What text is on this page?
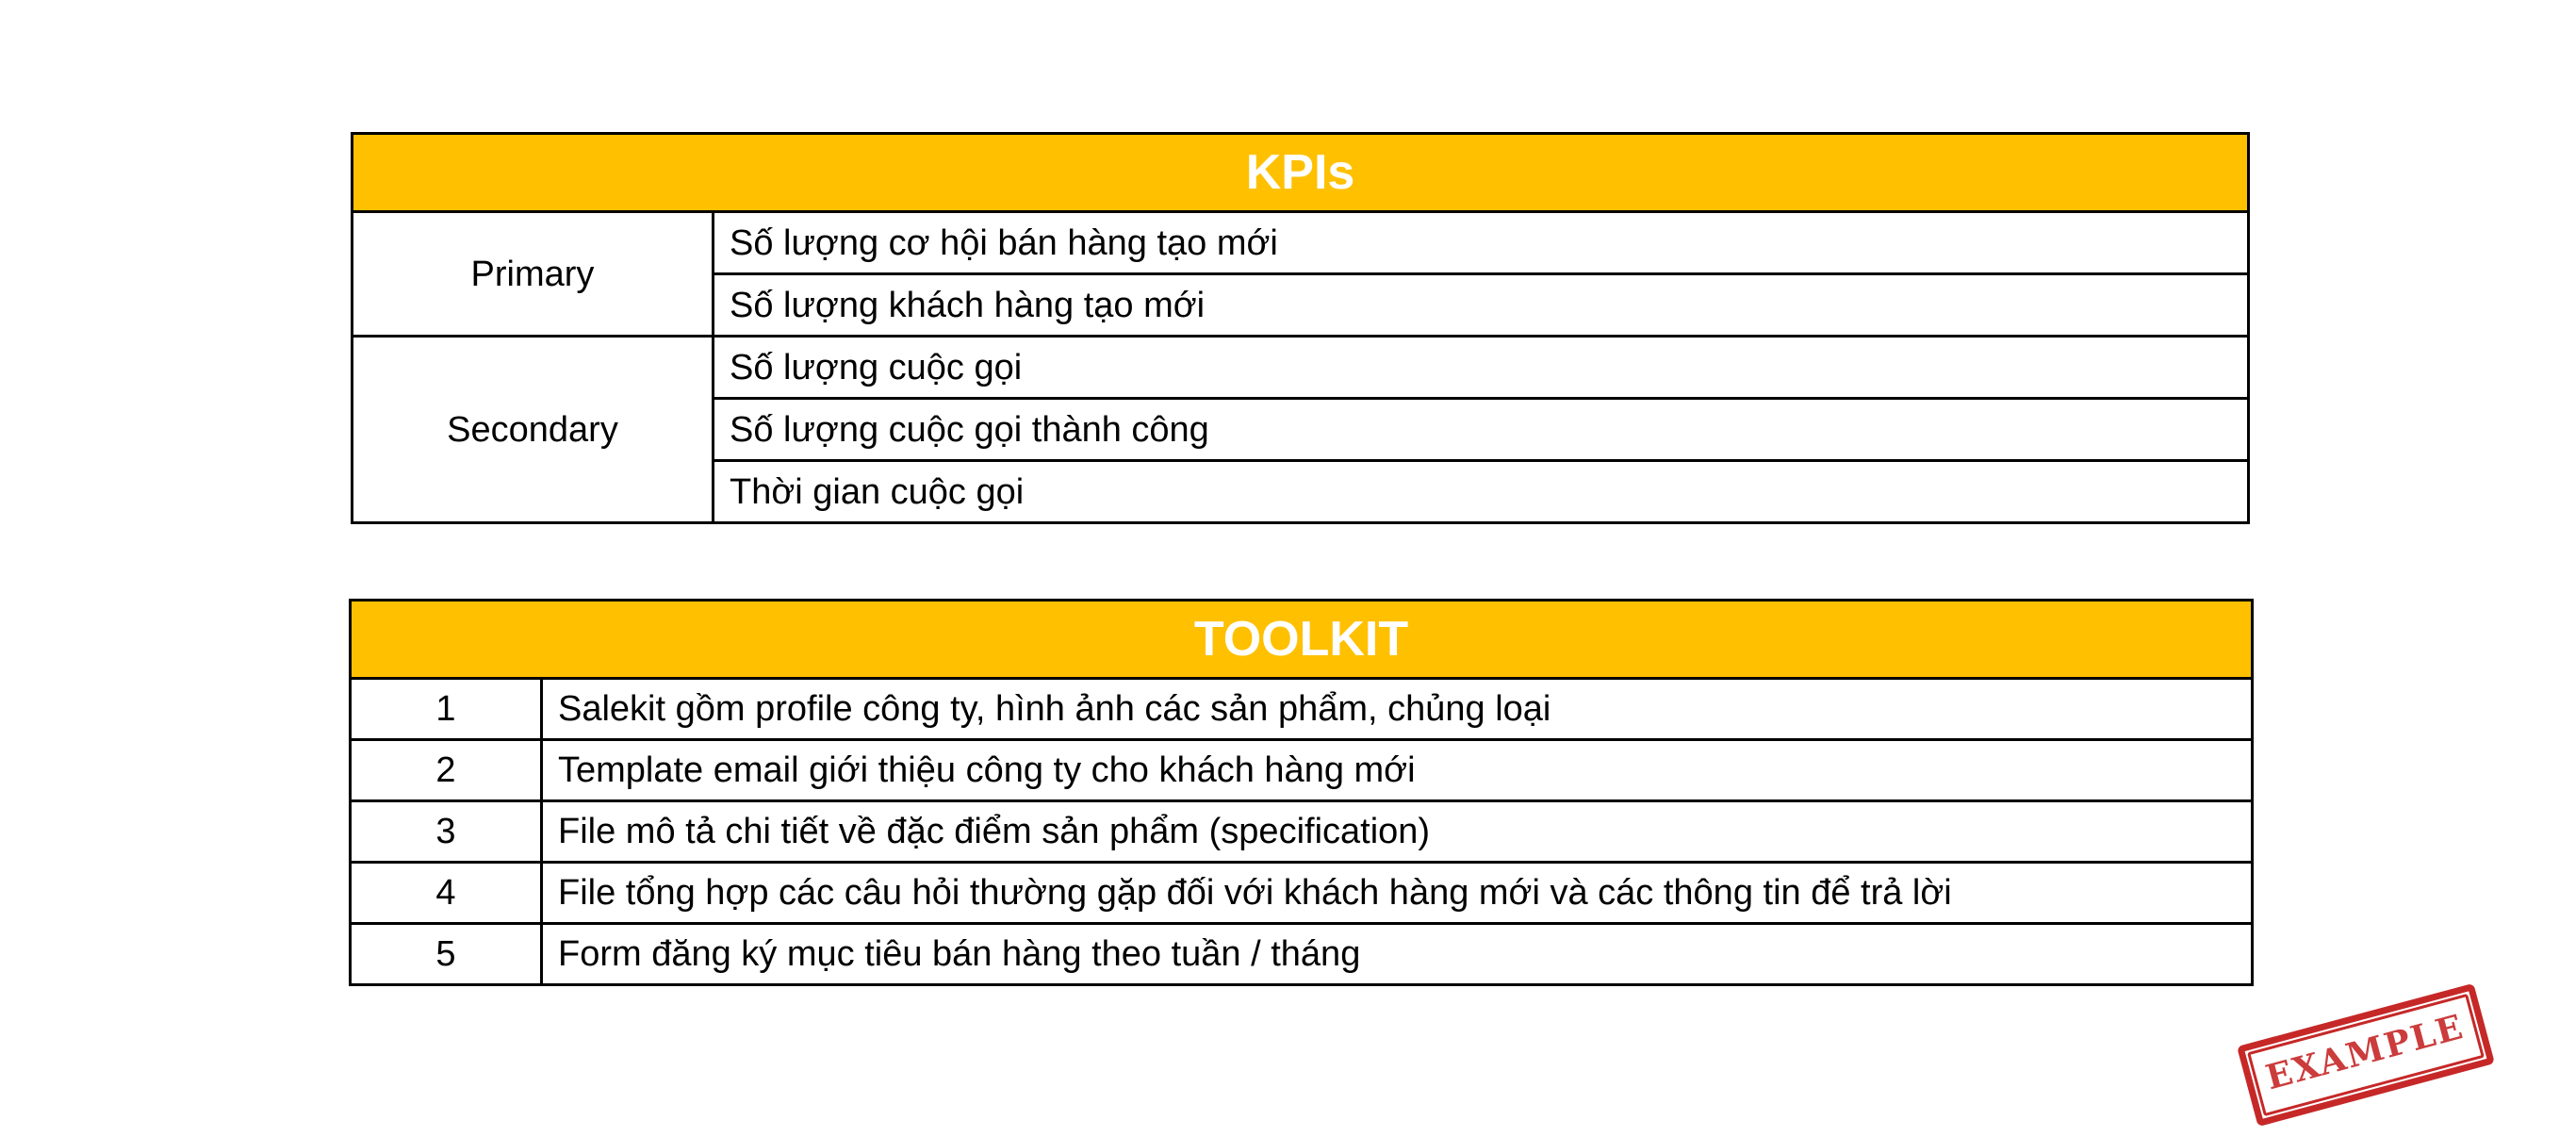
KPIs	
Primary	Số lượng cơ hội bán hàng tạo mới
	Số lượng khách hàng tạo mới
Secondary	Số lượng cuộc gọi
	Số lượng cuộc gọi thành công
	Thời gian cuộc gọi
TOOLKIT	
1	Salekit gồm profile công ty, hình ảnh các sản phẩm, chủng loại
2	Template email giới thiệu công ty cho khách hàng mới
3	File mô tả chi tiết về đặc điểm sản phẩm (specification)
4	File tổng hợp các câu hỏi thường gặp đối với khách hàng mới và các thông tin để trả lời
5	Form đăng ký mục tiêu bán hàng theo tuần / tháng
EXAMPLE
